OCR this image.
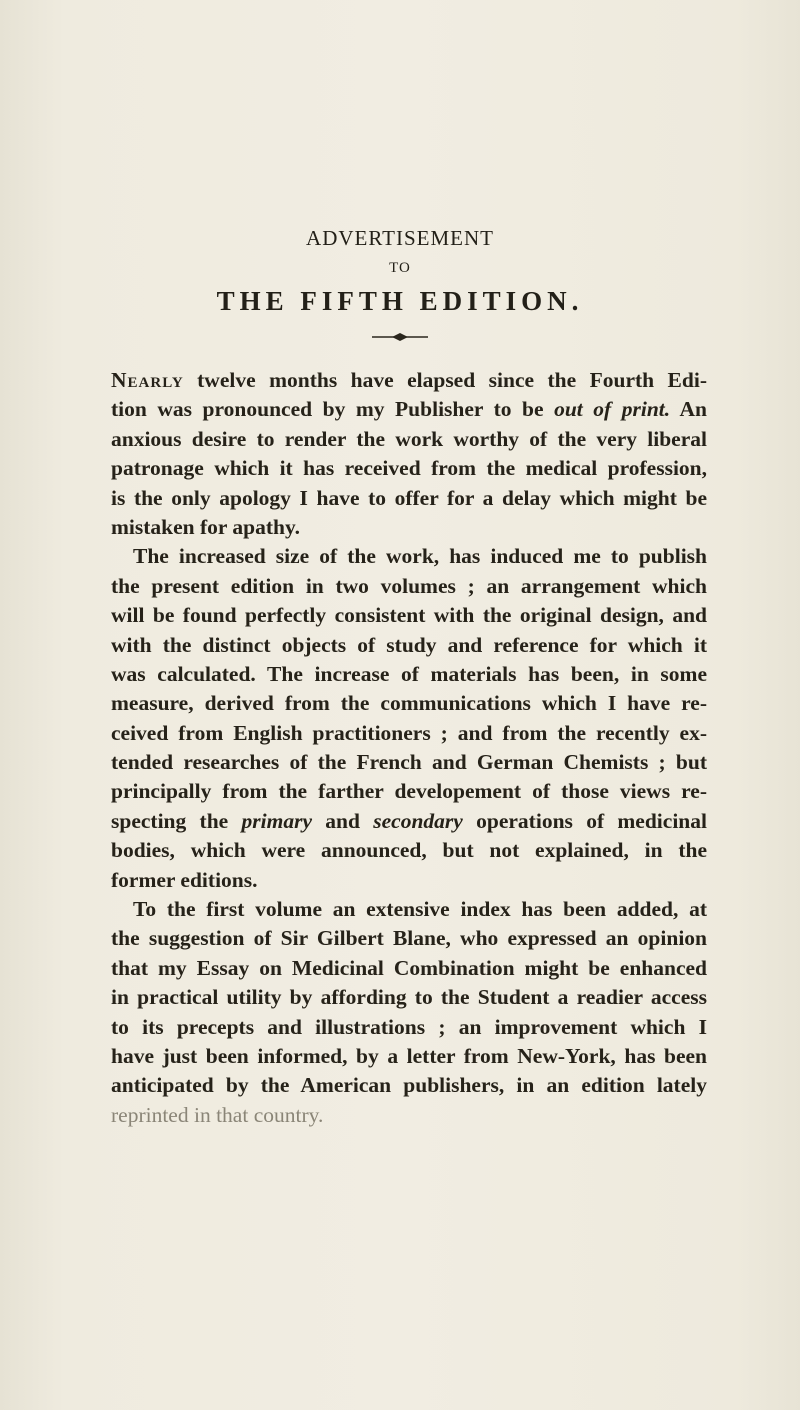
ADVERTISEMENT
TO
THE FIFTH EDITION.
Nearly twelve months have elapsed since the Fourth Edi-
tion was pronounced by my Publisher to be out of print. An
anxious desire to render the work worthy of the very liberal
patronage which it has received from the medical profession,
is the only apology I have to offer for a delay which might be
mistaken for apathy.
The increased size of the work, has induced me to publish
the present edition in two volumes ; an arrangement which
will be found perfectly consistent with the original design, and
with the distinct objects of study and reference for which it
was calculated. The increase of materials has been, in some
measure, derived from the communications which I have re-
ceived from English practitioners ; and from the recently ex-
tended researches of the French and German Chemists ; but
principally from the farther developement of those views re-
specting the primary and secondary operations of medicinal
bodies, which were announced, but not explained, in the
former editions.
To the first volume an extensive index has been added, at
the suggestion of Sir Gilbert Blane, who expressed an opinion
that my Essay on Medicinal Combination might be enhanced
in practical utility by affording to the Student a readier access
to its precepts and illustrations ; an improvement which I
have just been informed, by a letter from New-York, has been
anticipated by the American publishers, in an edition lately
reprinted in that country.
